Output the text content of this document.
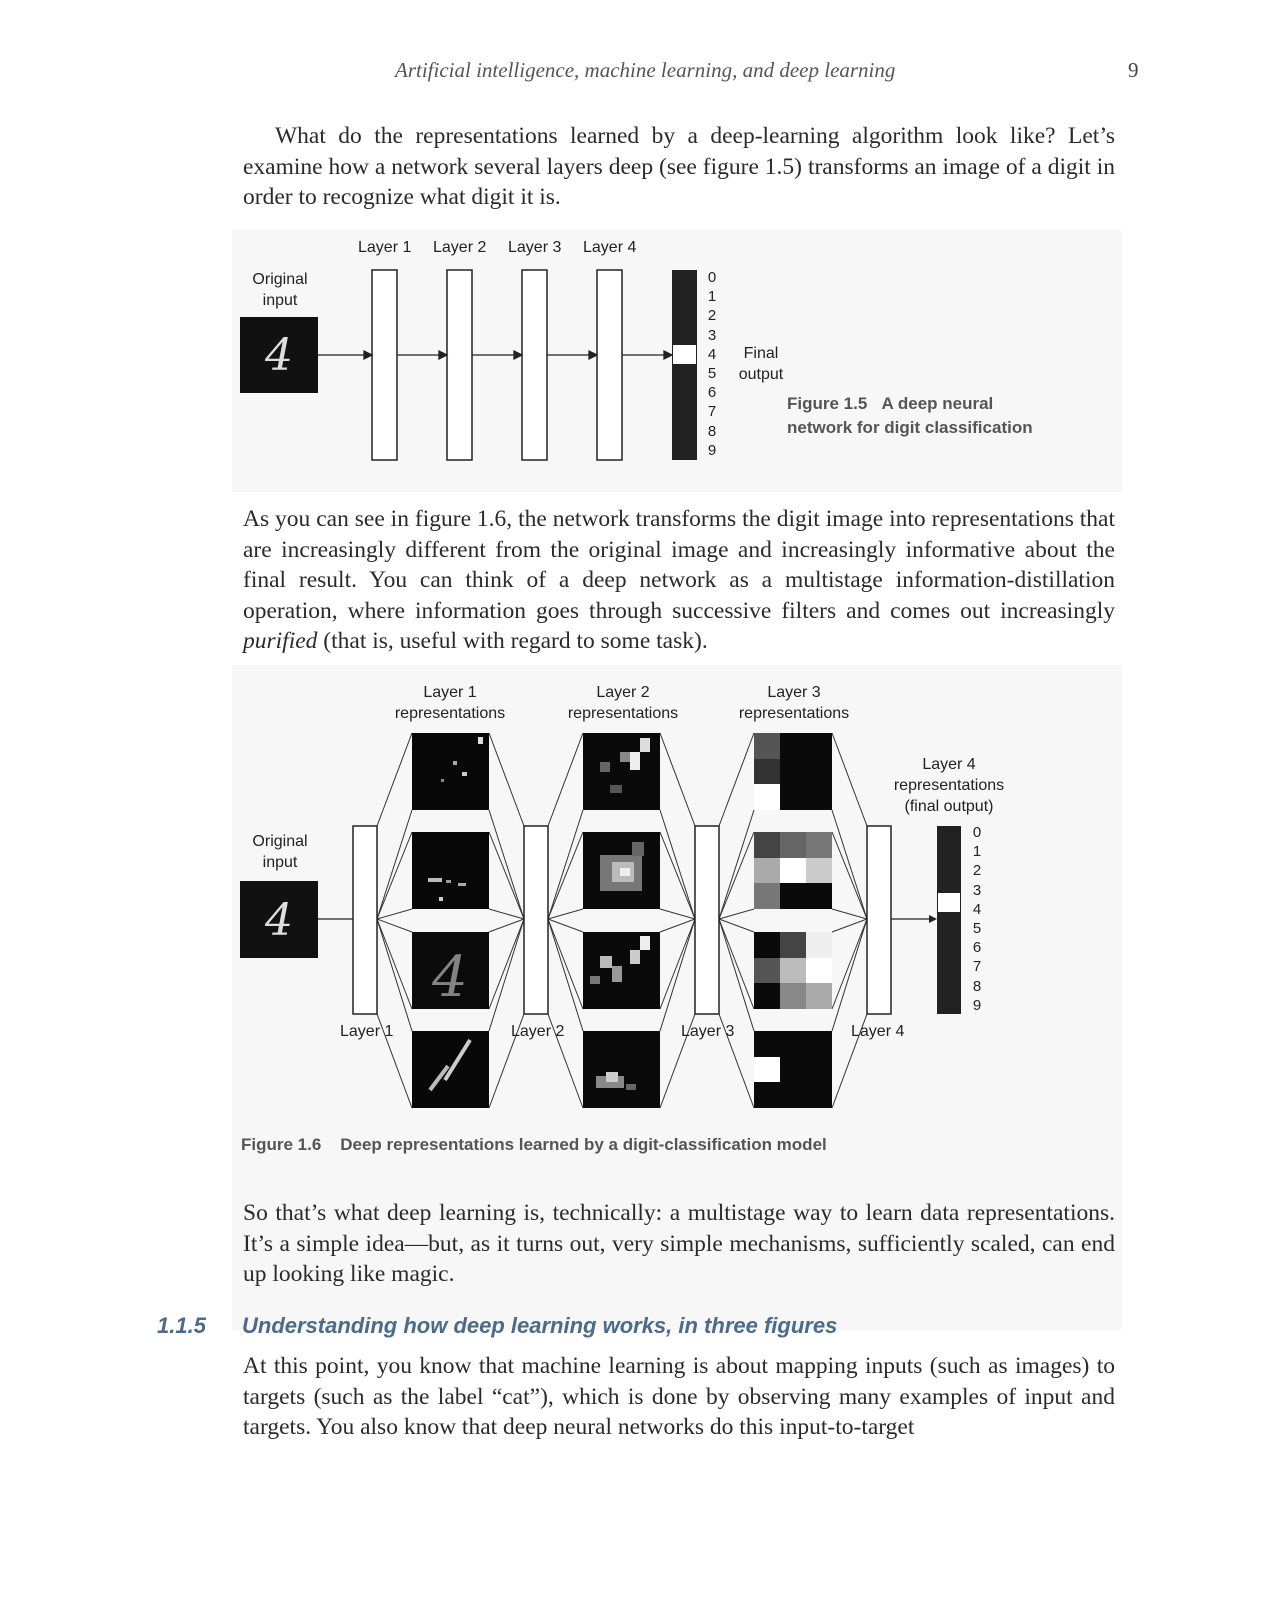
Artificial intelligence, machine learning, and deep learning	9

What do the representations learned by a deep-learning algorithm look like? Let’s examine how a network several layers deep (see figure 1.5) transforms an image of a digit in order to recognize what digit it is.

4
Layer 1 Layer 2 Layer 3 Layer 4
Original
input
0
1
2
3
4
5
6
7
8
9
Final
output
Figure 1.5 A deep neural
network for digit classification

As you can see in figure 1.6, the network transforms the digit image into representations that are increasingly different from the original image and increasingly informative about the final result. You can think of a deep network as a multistage information-distillation operation, where information goes through successive filters and comes out increasingly purified (that is, useful with regard to some task).

4
4
Layer 1
representations
Layer 2
representations
Layer 3
representations
Layer 4
representations
(final output)
Original
input
Layer 1	Layer 2	Layer 3	Layer 4
0
1
2
3
4
5
6
7
8
9
Figure 1.6 Deep representations learned by a digit-classification model

So that’s what deep learning is, technically: a multistage way to learn data representations. It’s a simple idea—but, as it turns out, very simple mechanisms, sufficiently scaled, can end up looking like magic.

1.1.5 Understanding how deep learning works, in three figures

At this point, you know that machine learning is about mapping inputs (such as images) to targets (such as the label “cat”), which is done by observing many examples of input and targets. You also know that deep neural networks do this input-to-target
